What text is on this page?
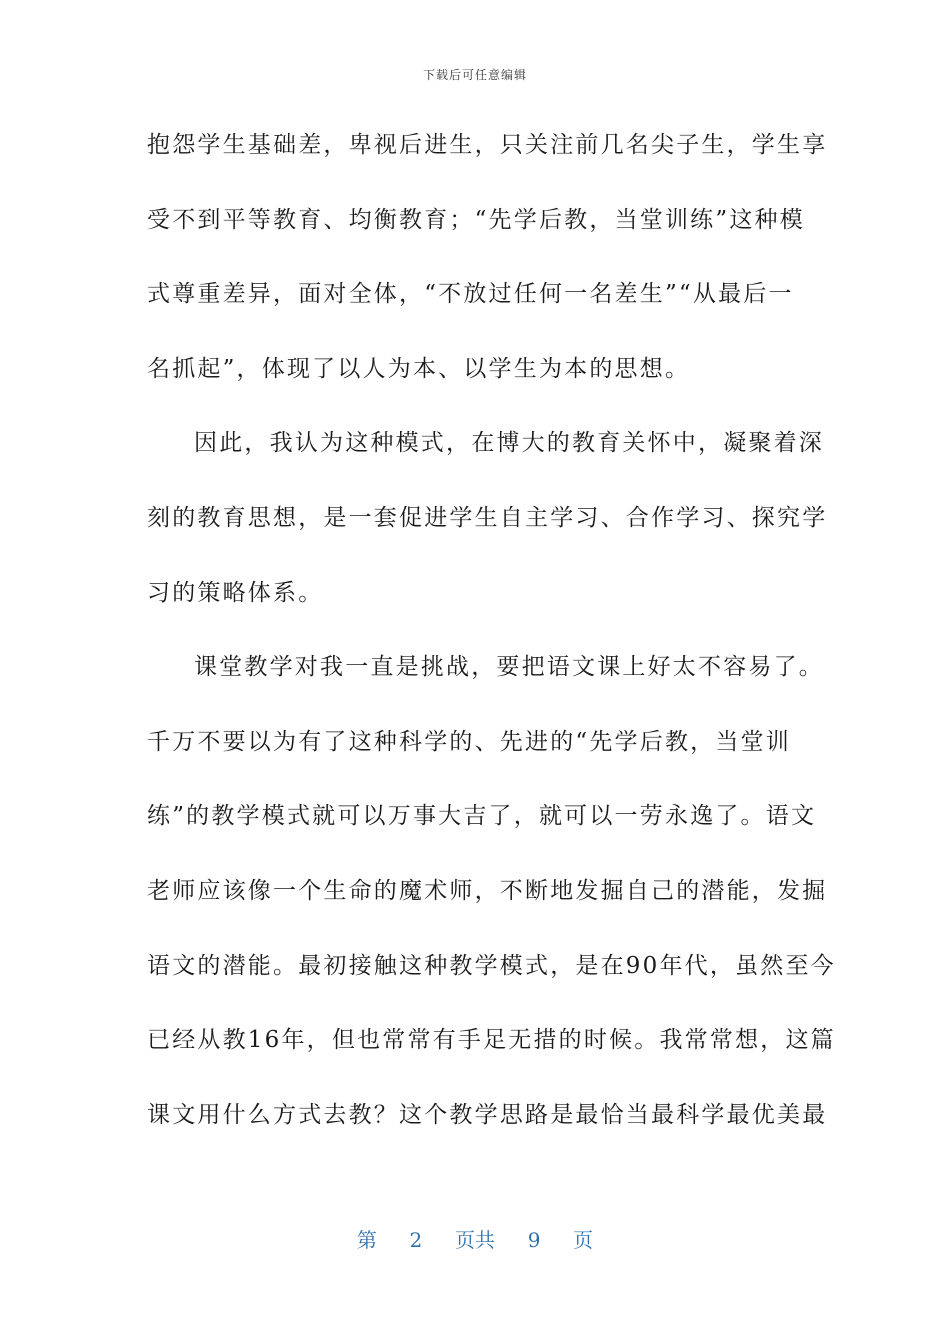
下载后可任意编辑
抱怨学生基础差，卑视后进生，只关注前几名尖子生，学生享
受不到平等教育、均衡教育；“先学后教，当堂训练”这种模
式尊重差异，面对全体，“不放过任何一名差生”“从最后一
名抓起”，体现了以人为本、以学生为本的思想。
因此，我认为这种模式，在博大的教育关怀中，凝聚着深
刻的教育思想，是一套促进学生自主学习、合作学习、探究学
习的策略体系。
课堂教学对我一直是挑战，要把语文课上好太不容易了。
千万不要以为有了这种科学的、先进的“先学后教，当堂训
练”的教学模式就可以万事大吉了，就可以一劳永逸了。语文
老师应该像一个生命的魔术师，不断地发掘自己的潜能，发掘
语文的潜能。最初接触这种教学模式，是在90年代，虽然至今
已经从教16年，但也常常有手足无措的时候。我常常想，这篇
课文用什么方式去教？这个教学思路是最恰当最科学最优美最
第 2 页共 9 页
